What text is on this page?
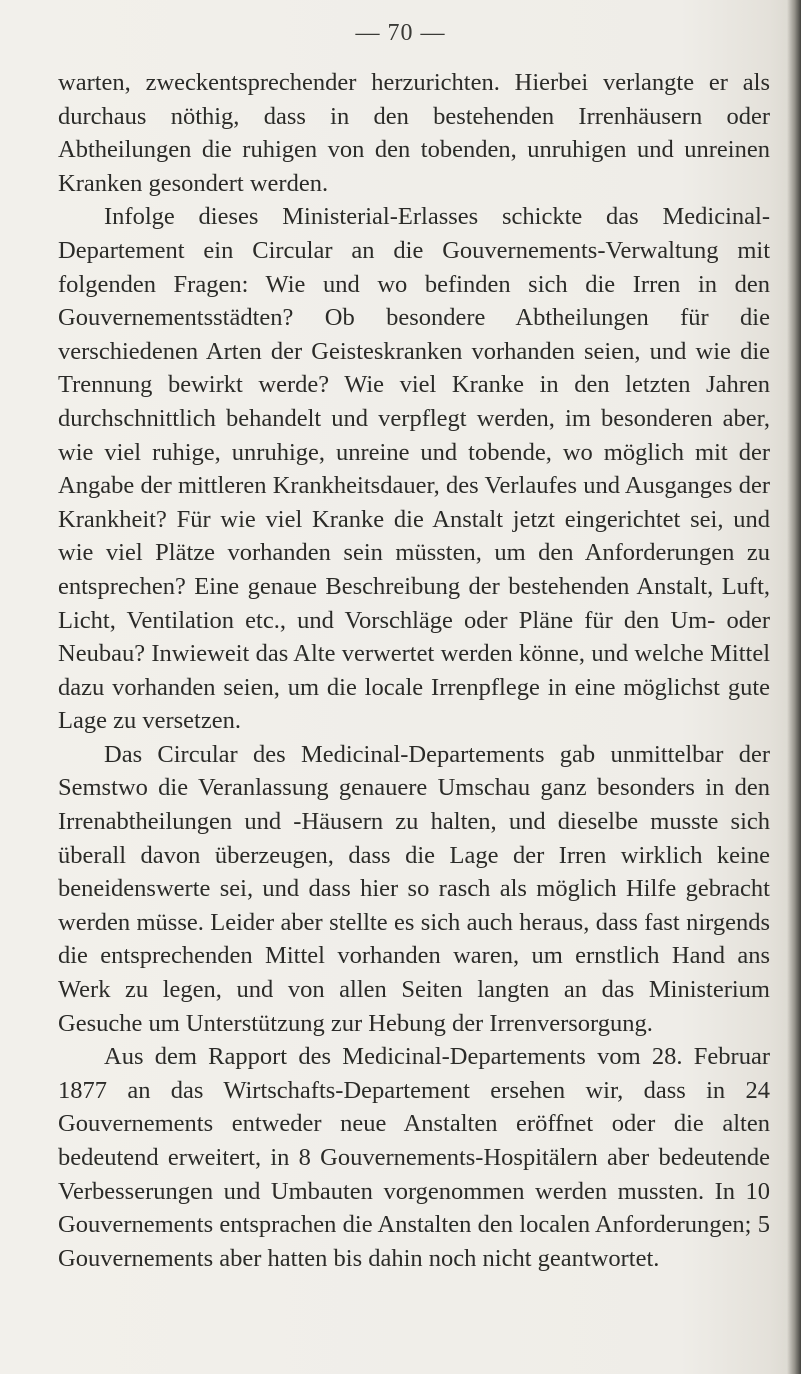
— 70 —

warten, zweckentsprechender herzurichten. Hierbei verlangte er als durchaus nöthig, dass in den bestehenden Irrenhäusern oder Abtheilungen die ruhigen von den tobenden, unruhigen und unreinen Kranken gesondert werden.

Infolge dieses Ministerial-Erlasses schickte das Medicinal-Departement ein Circular an die Gouvernements-Verwaltung mit folgenden Fragen: Wie und wo befinden sich die Irren in den Gouvernementsstädten? Ob besondere Abtheilungen für die verschiedenen Arten der Geisteskranken vorhanden seien, und wie die Trennung bewirkt werde? Wie viel Kranke in den letzten Jahren durchschnittlich behandelt und verpflegt werden, im besonderen aber, wie viel ruhige, unruhige, unreine und tobende, wo möglich mit der Angabe der mittleren Krankheitsdauer, des Verlaufes und Ausganges der Krankheit? Für wie viel Kranke die Anstalt jetzt eingerichtet sei, und wie viel Plätze vorhanden sein müssten, um den Anforderungen zu entsprechen? Eine genaue Beschreibung der bestehenden Anstalt, Luft, Licht, Ventilation etc., und Vorschläge oder Pläne für den Um- oder Neubau? Inwieweit das Alte verwertet werden könne, und welche Mittel dazu vorhanden seien, um die locale Irrenpflege in eine möglichst gute Lage zu versetzen.

Das Circular des Medicinal-Departements gab unmittelbar der Semstwo die Veranlassung genauere Umschau ganz besonders in den Irrenabtheilungen und -Häusern zu halten, und dieselbe musste sich überall davon überzeugen, dass die Lage der Irren wirklich keine beneidenswerte sei, und dass hier so rasch als möglich Hilfe gebracht werden müsse. Leider aber stellte es sich auch heraus, dass fast nirgends die entsprechenden Mittel vorhanden waren, um ernstlich Hand ans Werk zu legen, und von allen Seiten langten an das Ministerium Gesuche um Unterstützung zur Hebung der Irrenversorgung.

Aus dem Rapport des Medicinal-Departements vom 28. Februar 1877 an das Wirtschafts-Departement ersehen wir, dass in 24 Gouvernements entweder neue Anstalten eröffnet oder die alten bedeutend erweitert, in 8 Gouvernements-Hospitälern aber bedeutende Verbesserungen und Umbauten vorgenommen werden mussten. In 10 Gouvernements entsprachen die Anstalten den localen Anforderungen; 5 Gouvernements aber hatten bis dahin noch nicht geantwortet.
